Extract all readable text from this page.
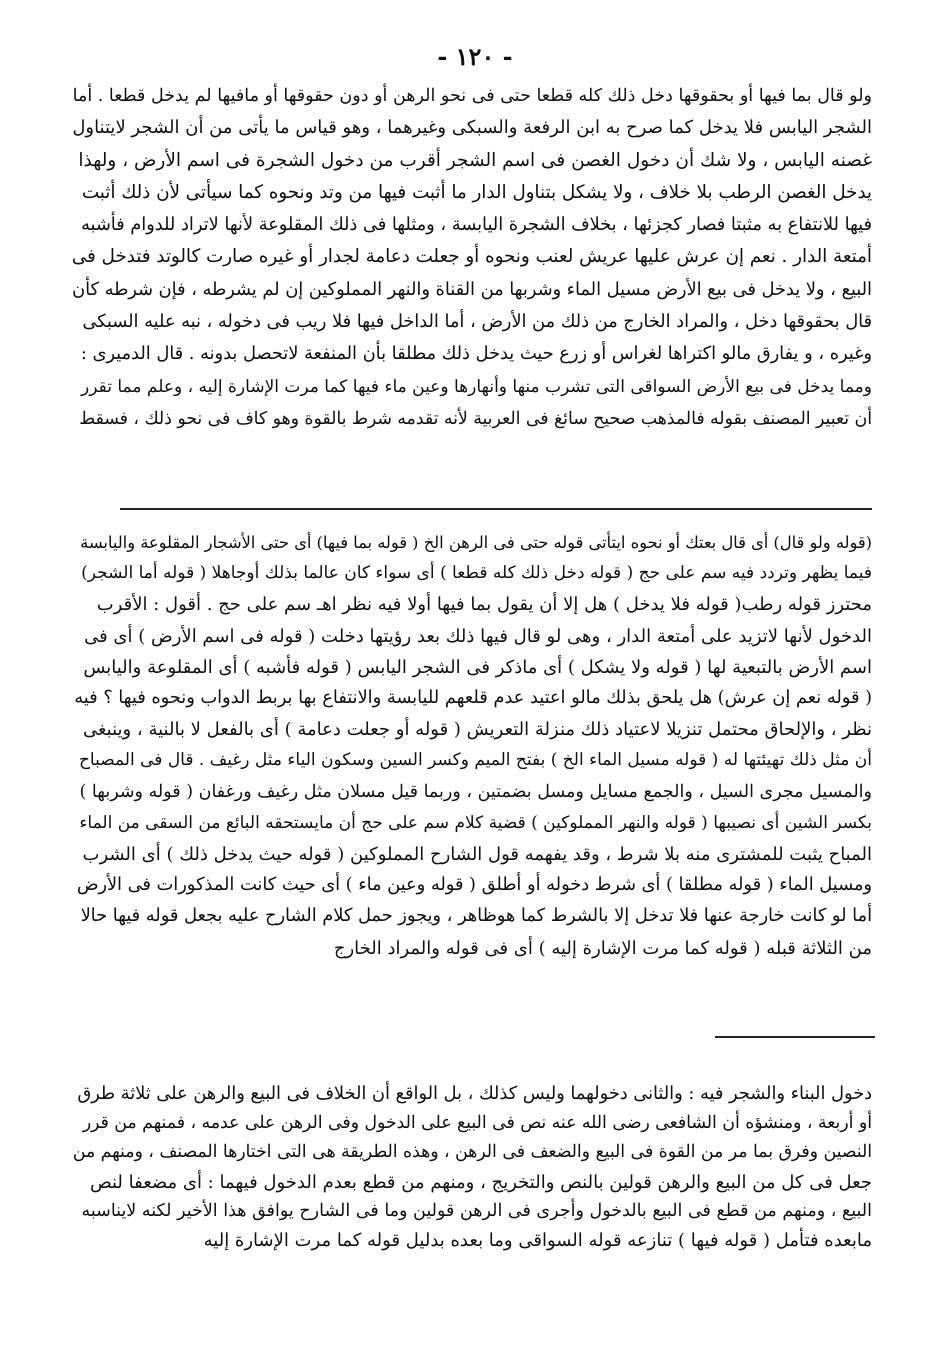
- ١٢٠ -
ولو قال بما فيها أو بحقوقها دخل ذلك كله قطعا حتى فى نحو الرهن أو دون حقوقها أو مافيها لم يدخل قطعا . أما
الشجر اليابس فلا يدخل كما صرح به ابن الرفعة والسبكى وغيرهما ، وهو قياس ما يأتى من أن الشجر لايتناول
غصنه اليابس ، ولا شك أن دخول الغصن فى اسم الشجر أقرب من دخول الشجرة فى اسم الأرض ، ولهذا
يدخل الغصن الرطب بلا خلاف ، ولا يشكل بتناول الدار ما أثبت فيها من وتد ونحوه كما سيأتى لأن ذلك أثبت
فيها للانتفاع به مثبتا فصار كجزئها ، بخلاف الشجرة اليابسة ، ومثلها فى ذلك المقلوعة لأنها لاتراد للدوام فأشبه
أمتعة الدار . نعم إن عرش عليها عريش لعنب ونحوه أو جعلت دعامة لجدار أو غيره صارت كالوتد فتدخل فى
البيع ، ولا يدخل فى بيع الأرض مسيل الماء وشربها من القناة والنهر المملوكين إن لم يشرطه ، فإن شرطه كأن
قال بحقوقها دخل ، والمراد الخارج من ذلك من الأرض ، أما الداخل فيها فلا ريب فى دخوله ، نبه عليه السبكى
وغيره ، و يفارق مالو اكتراها لغراس أو زرع حيث يدخل ذلك مطلقا بأن المنفعة لاتحصل بدونه . قال الدميرى :
ومما يدخل فى بيع الأرض السواقى التى تشرب منها وأنهارها وعين ماء فيها كما مرت الإشارة إليه ، وعلم مما تقرر
أن تعبير المصنف بقوله فالمذهب صحيح سائغ فى العربية لأنه تقدمه شرط بالقوة وهو كاف فى نحو ذلك ، فسقط
(قوله ولو قال) أى قال بعتك أو نحوه ايتأتى قوله حتى فى الرهن الخ ( قوله بما فيها) أى حتى الأشجار المقلوعة واليابسة
فيما يظهر وتردد فيه سم على حج ( قوله دخل ذلك كله قطعا ) أى سواء كان عالما بذلك أوجاهلا ( قوله أما الشجر)
محترز قوله رطب( قوله فلا يدخل ) هل إلا أن يقول بما فيها أولا فيه نظر اهـ سم على حج . أقول : الأقرب
الدخول لأنها لاتزيد على أمتعة الدار ، وهى لو قال فيها ذلك بعد رؤيتها دخلت ( قوله فى اسم الأرض ) أى فى
اسم الأرض بالتبعية لها ( قوله ولا يشكل ) أى ماذكر فى الشجر اليابس ( قوله فأشبه ) أى المقلوعة واليابس
( قوله نعم إن عرش) هل يلحق بذلك مالو اعتيد عدم قلعهم لليابسة والانتفاع بها بربط الدواب ونحوه فيها ؟ فيه
نظر ، والإلحاق محتمل تنزيلا لاعتياد ذلك منزلة التعريش ( قوله أو جعلت دعامة ) أى بالفعل لا بالنية ، وينبغى
أن مثل ذلك تهيئتها له ( قوله مسيل الماء الخ ) بفتح الميم وكسر السين وسكون الياء مثل رغيف . قال فى المصباح
والمسيل مجرى السيل ، والجمع مسايل ومسل بضمتين ، وربما قيل مسلان مثل رغيف ورغفان ( قوله وشربها )
بكسر الشين أى نصيبها ( قوله والنهر المملوكين ) قضية كلام سم على حج أن مايستحقه البائع من السقى من الماء
المباح يثبت للمشترى منه بلا شرط ، وقد يفهمه قول الشارح المملوكين ( قوله حيث يدخل ذلك ) أى الشرب
ومسيل الماء ( قوله مطلقا ) أى شرط دخوله أو أطلق ( قوله وعين ماء ) أى حيث كانت المذكورات فى الأرض
أما لو كانت خارجة عنها فلا تدخل إلا بالشرط كما هوظاهر ، ويجوز حمل كلام الشارح عليه بجعل قوله فيها حالا
من الثلاثة قبله ( قوله كما مرت الإشارة إليه ) أى فى قوله والمراد الخارج
دخول البناء والشجر فيه : والثانى دخولهما وليس كذلك ، بل الواقع أن الخلاف فى البيع والرهن على ثلاثة طرق
أو أربعة ، ومنشؤه أن الشافعى رضى الله عنه نص فى البيع على الدخول وفى الرهن على عدمه ، فمنهم من قرر
النصين وفرق بما مر من القوة فى البيع والضعف فى الرهن ، وهذه الطريقة هى التى اختارها المصنف ، ومنهم من
جعل فى كل من البيع والرهن قولين بالنص والتخريج ، ومنهم من قطع بعدم الدخول فيهما : أى مضعفا لنص
البيع ، ومنهم من قطع فى البيع بالدخول وأجرى فى الرهن قولين وما فى الشارح يوافق هذا الأخير لكنه لايناسبه
مابعده فتأمل ( قوله فيها ) تنازعه قوله السواقى وما بعده بدليل قوله كما مرت الإشارة إليه
